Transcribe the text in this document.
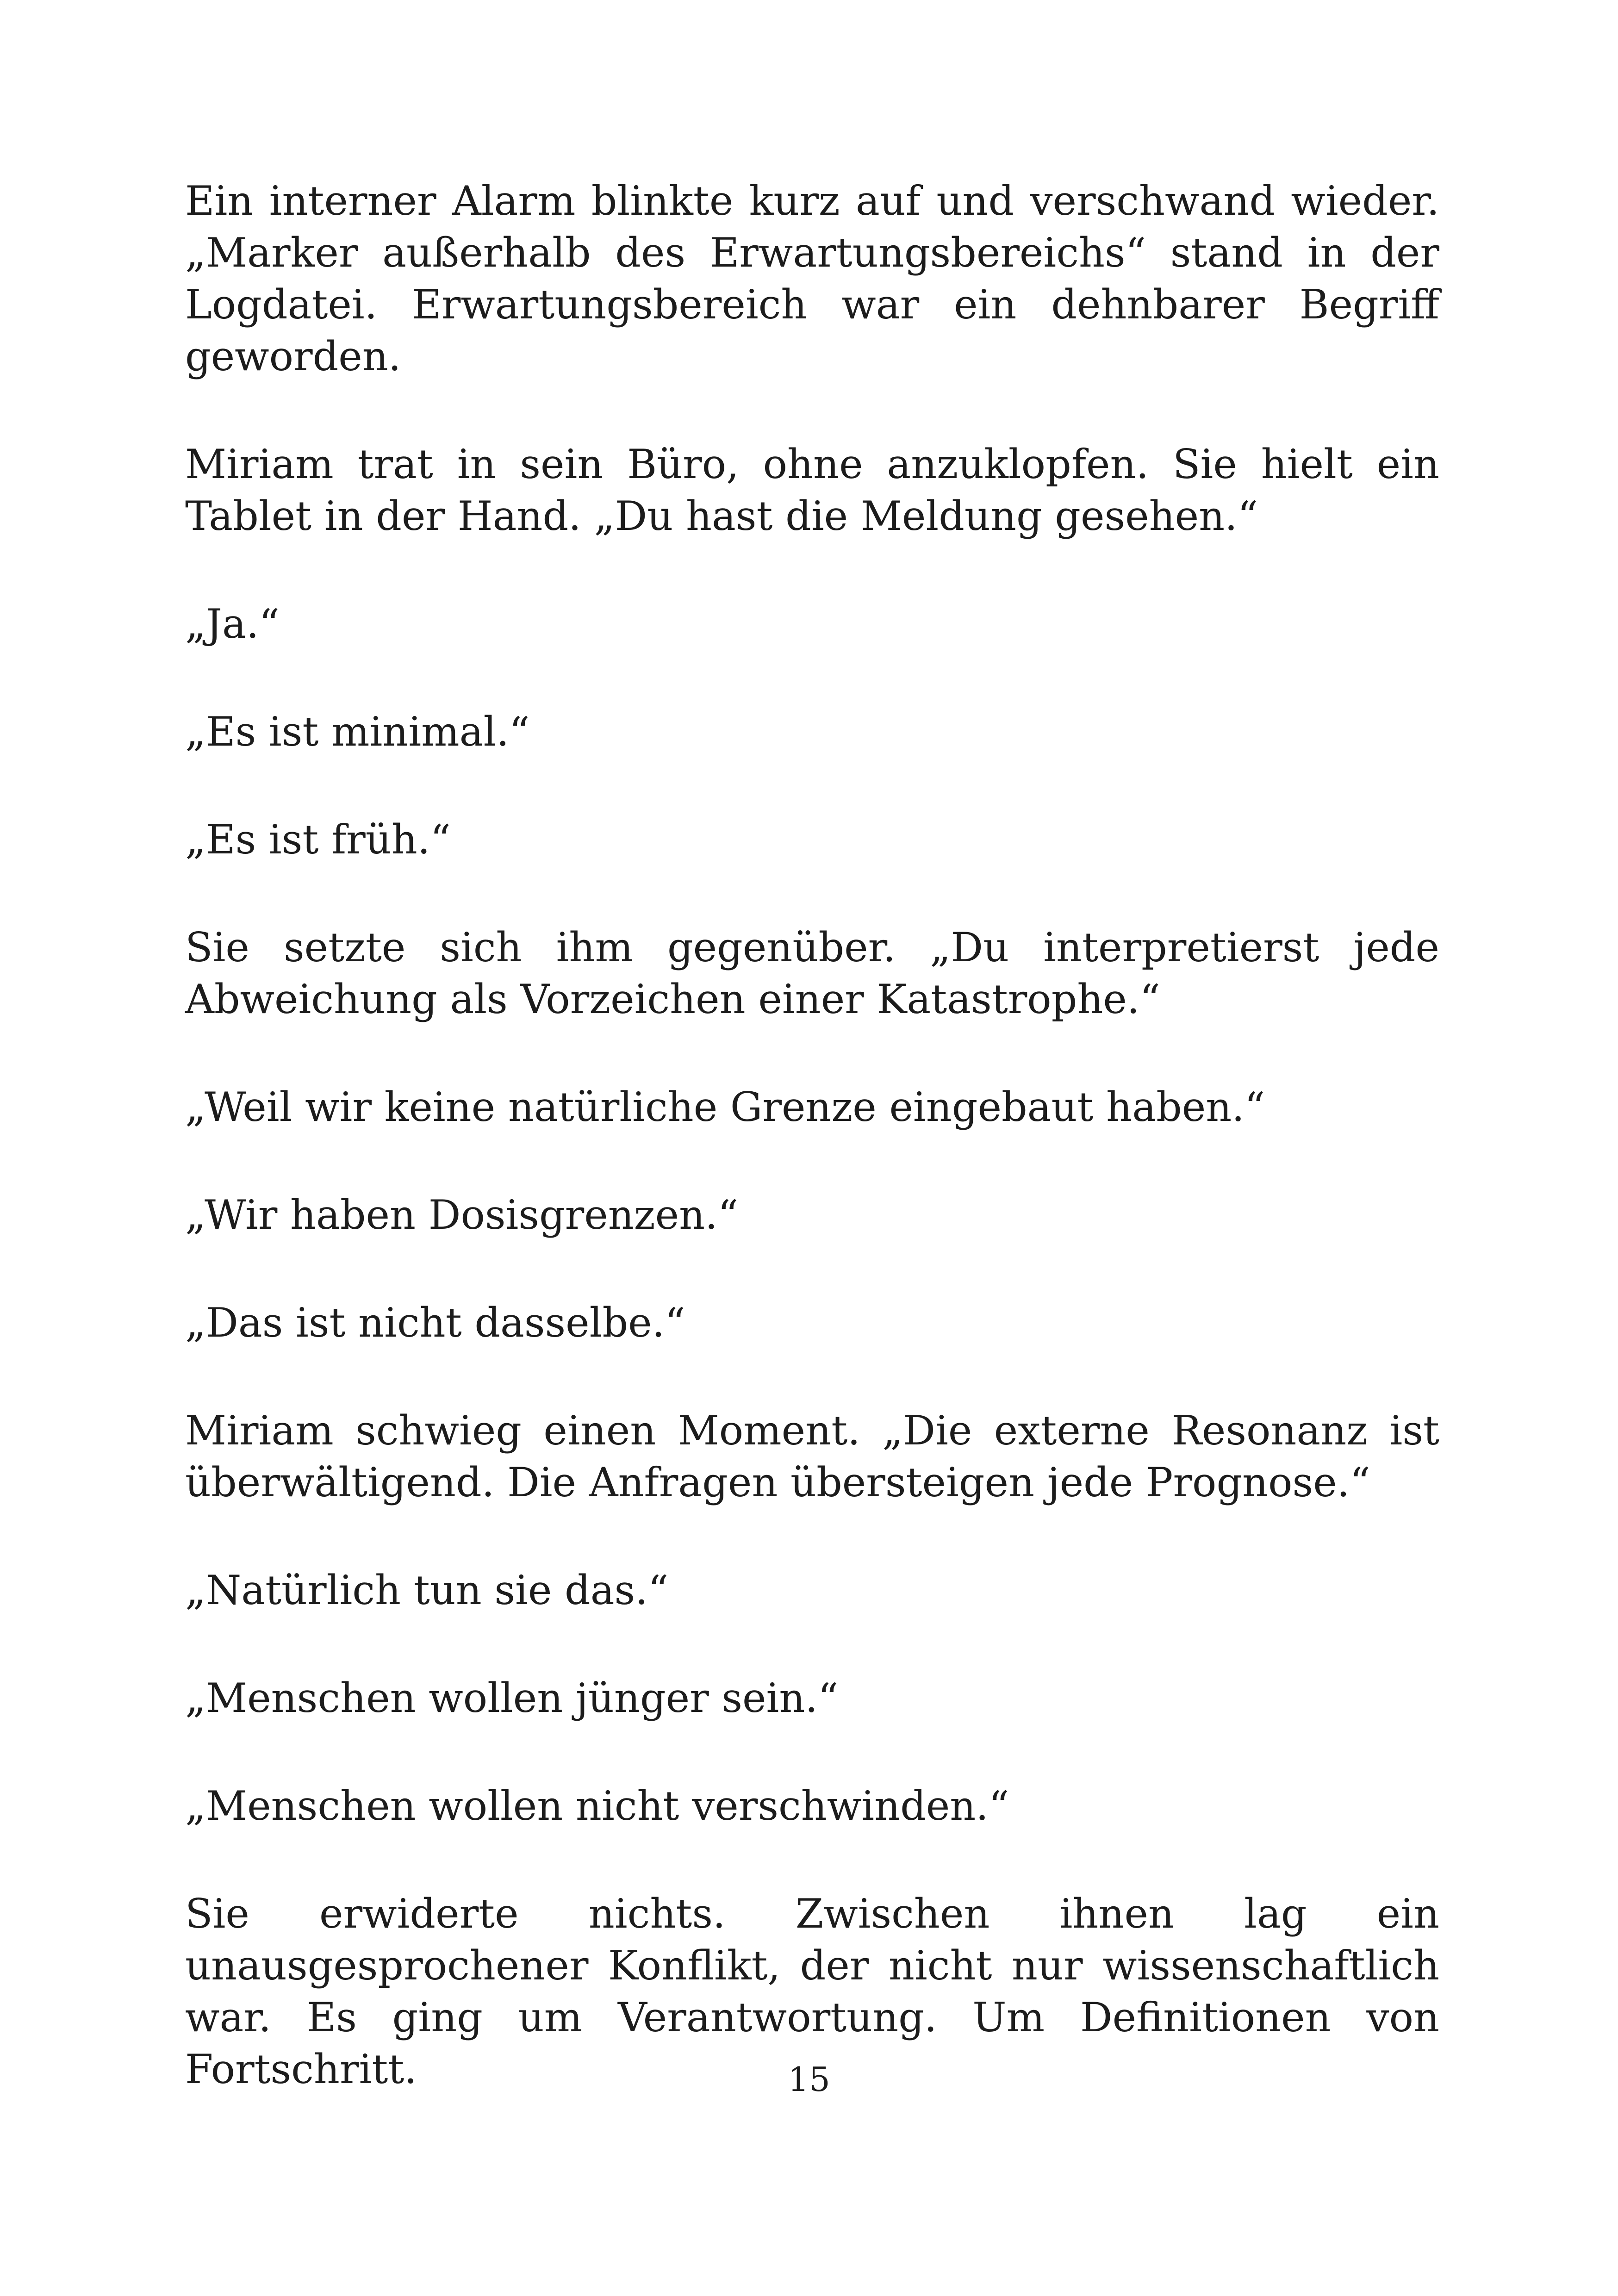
Ein interner Alarm blinkte kurz auf und verschwand wieder. „Marker außerhalb des Erwartungsbereichs“ stand in der Logdatei. Erwartungsbereich war ein dehnbarer Begriff geworden.

Miriam trat in sein Büro, ohne anzuklopfen. Sie hielt ein Tablet in der Hand. „Du hast die Meldung gesehen.“

„Ja.“

„Es ist minimal.“

„Es ist früh.“

Sie setzte sich ihm gegenüber. „Du interpretierst jede Abweichung als Vorzeichen einer Katastrophe.“

„Weil wir keine natürliche Grenze eingebaut haben.“

„Wir haben Dosisgrenzen.“

„Das ist nicht dasselbe.“

Miriam schwieg einen Moment. „Die externe Resonanz ist überwältigend. Die Anfragen übersteigen jede Prognose.“

„Natürlich tun sie das.“

„Menschen wollen jünger sein.“

„Menschen wollen nicht verschwinden.“

Sie erwiderte nichts. Zwischen ihnen lag ein unausgesprochener Konflikt, der nicht nur wissenschaftlich war. Es ging um Verantwortung. Um Definitionen von Fortschritt.	15
